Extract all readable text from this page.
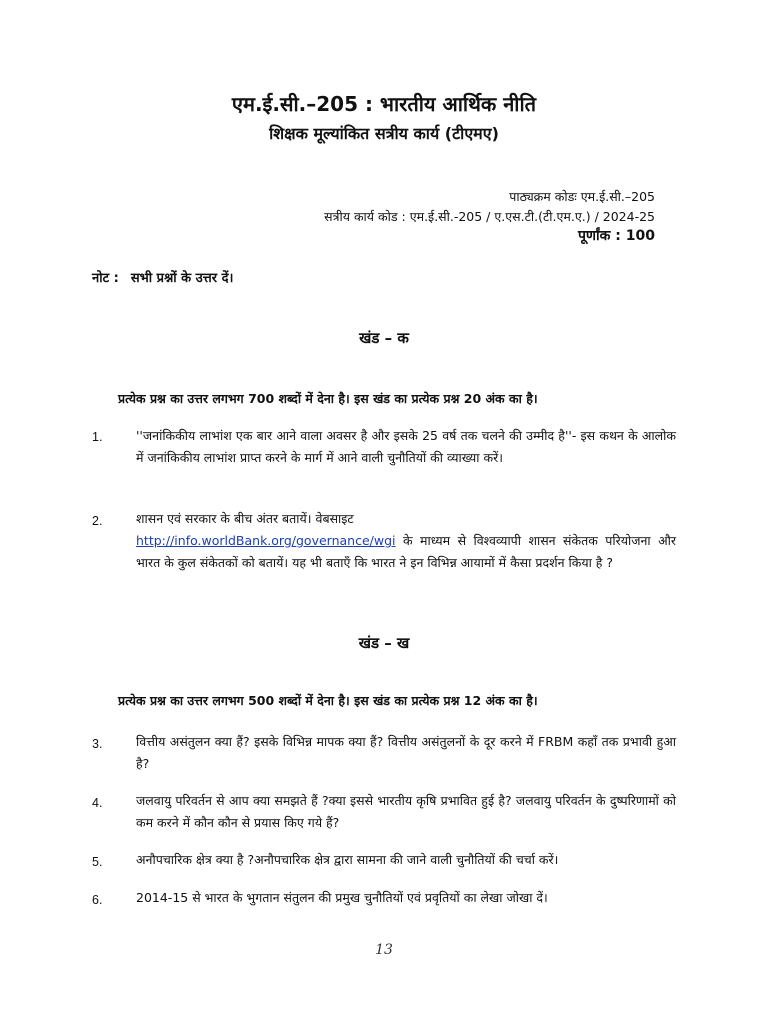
एम.ई.सी.–205 : भारतीय आर्थिक नीति
शिक्षक मूल्यांकित सत्रीय कार्य (टीएमए)
पाठ्यक्रम कोडः एम.ई.सी.–205
सत्रीय कार्य कोड : एम.ई.सी.-205 / ए.एस.टी.(टी.एम.ए.) / 2024-25
पूर्णांक : 100
नोट : सभी प्रश्नों के उत्तर दें।
खंड – क
प्रत्येक प्रश्न का उत्तर लगभग 700 शब्दों में देना है। इस खंड का प्रत्येक प्रश्न 20 अंक का है।
1.	''जनांकिकीय लाभांश एक बार आने वाला अवसर है और इसके 25 वर्ष तक चलने की उम्मीद है''- इस कथन के आलोक में जनांकिकीय लाभांश प्राप्त करने के मार्ग में आने वाली चुनौतियों की व्याख्या करें।
2.	शासन एवं सरकार के बीच अंतर बतायें। वेबसाइट
http://info.worldBank.org/governance/wgi के माध्यम से विश्वव्यापी शासन संकेतक परियोजना और भारत के कुल संकेतकों को बतायें। यह भी बताएँ कि भारत ने इन विभिन्न आयामों में कैसा प्रदर्शन किया है ?
खंड – ख
प्रत्येक प्रश्न का उत्तर लगभग 500 शब्दों में देना है। इस खंड का प्रत्येक प्रश्न 12 अंक का है।
3.	वित्तीय असंतुलन क्या हैं? इसके विभिन्न मापक क्या हैं? वित्तीय असंतुलनों के दूर करने में FRBM कहाँ तक प्रभावी हुआ है?
4.	जलवायु परिवर्तन से आप क्या समझते हैं ?क्या इससे भारतीय कृषि प्रभावित हुई है? जलवायु परिवर्तन के दुष्परिणामों को कम करने में कौन कौन से प्रयास किए गये हैं?
5.	अनौपचारिक क्षेत्र क्या है ?अनौपचारिक क्षेत्र द्वारा सामना की जाने वाली चुनौतियों की चर्चा करें।
6.	2014-15 से भारत के भुगतान संतुलन की प्रमुख चुनौतियों एवं प्रवृतियों का लेखा जोखा दें।
13
